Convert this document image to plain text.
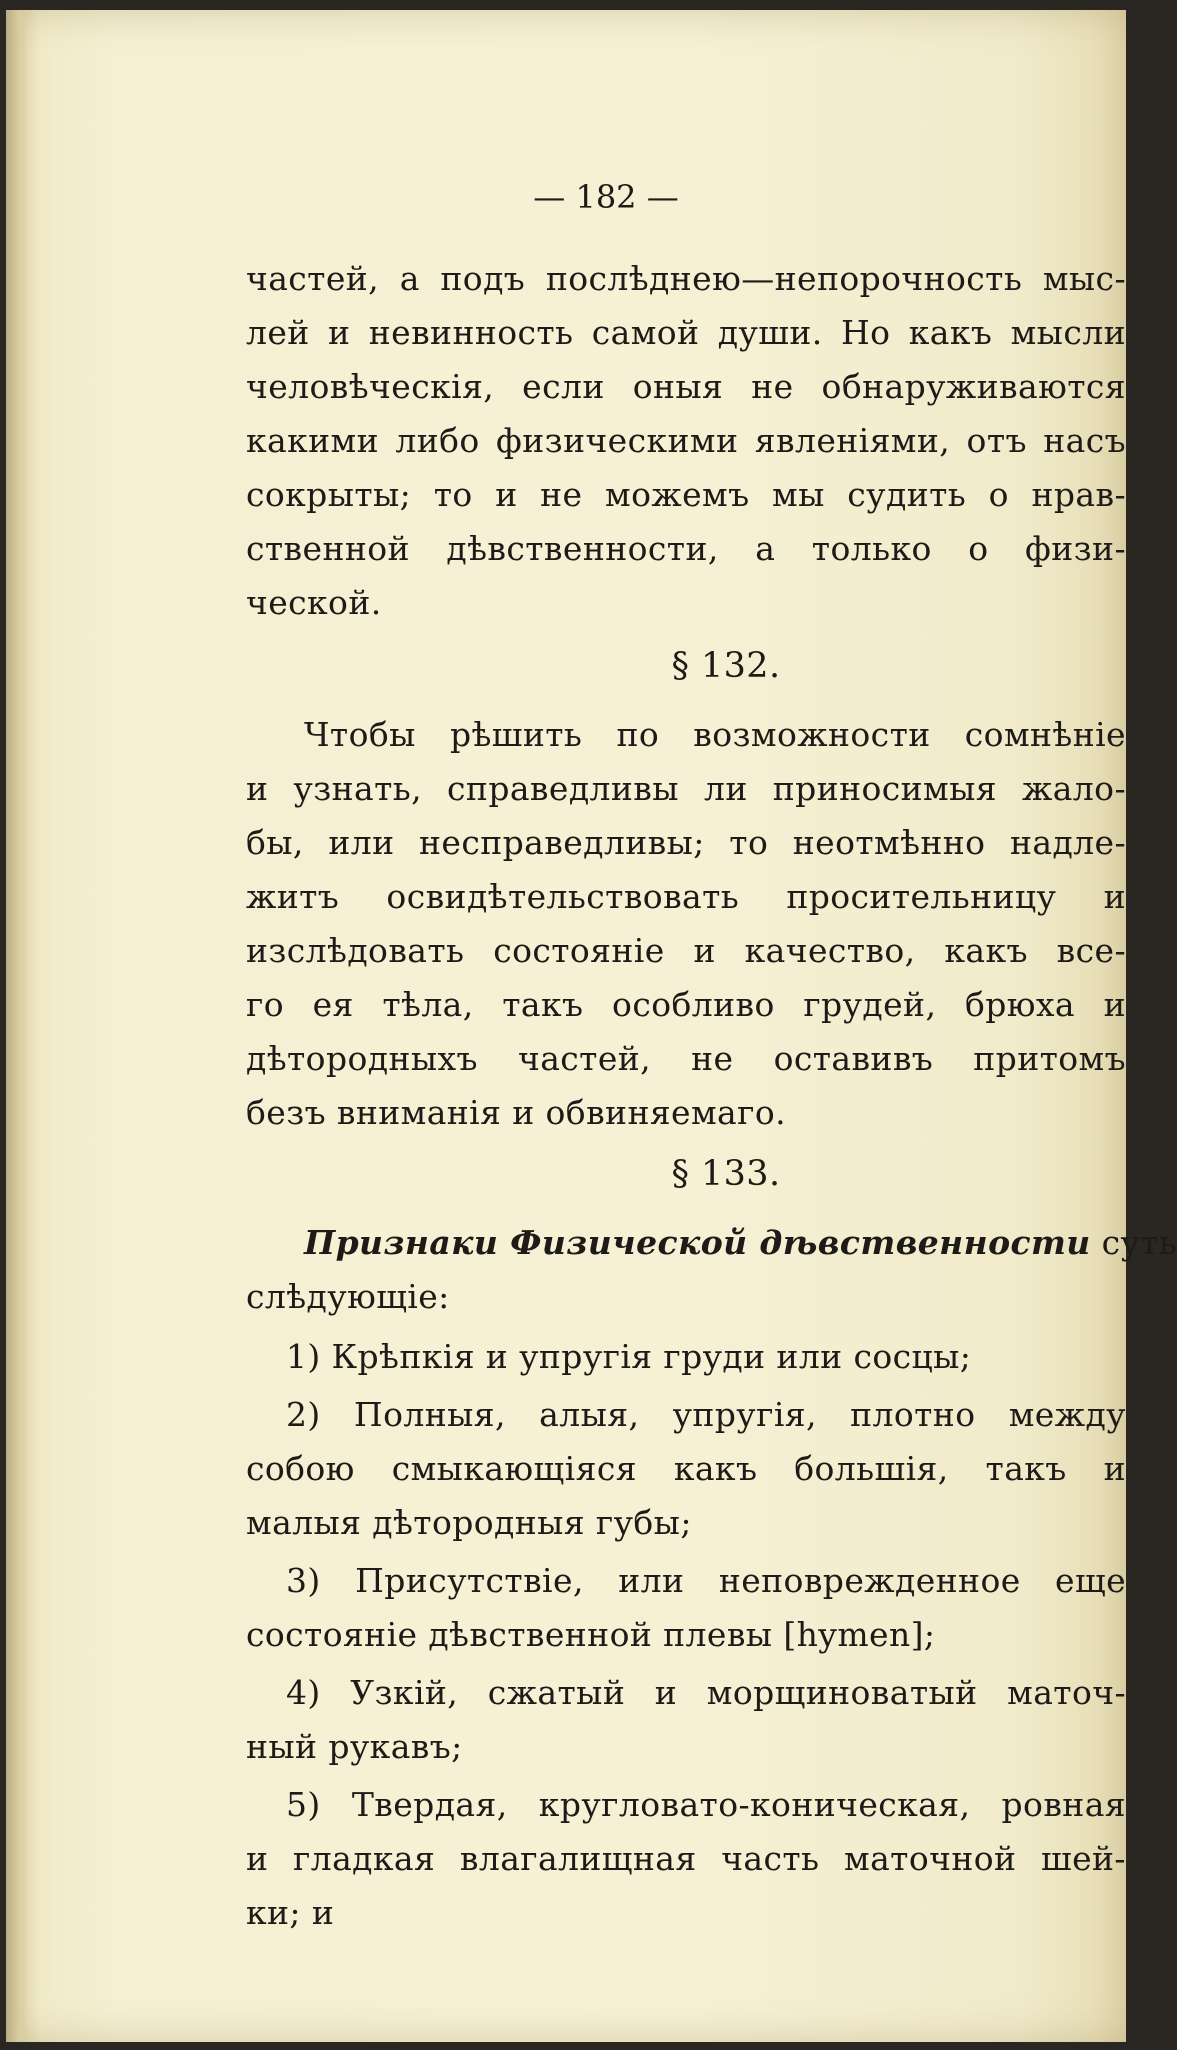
— 182 —
частей, а подъ послѣднею—непорочность мыс-
лей и невинность самой души. Но какъ мысли
человѣческія, если оныя не обнаруживаются
какими либо физическими явленіями, отъ насъ
сокрыты; то и не можемъ мы судить о нрав-
ственной дѣвственности, а только о физи-
ческой.
§ 132.
Чтобы рѣшить по возможности сомнѣніе
и узнать, справедливы ли приносимыя жало-
бы, или несправедливы; то неотмѣнно надле-
житъ освидѣтельствовать просительницу и
изслѣдовать состояніе и качество, какъ все-
го ея тѣла, такъ особливо грудей, брюха и
дѣтородныхъ частей, не оставивъ притомъ
безъ вниманія и обвиняемаго.
§ 133.
Признаки Физической дѣвственности суть
слѣдующіе:
1) Крѣпкія и упругія груди или сосцы;
2) Полныя, алыя, упругія, плотно между
собою смыкающіяся какъ большія, такъ и
малыя дѣтородныя губы;
3) Присутствіе, или неповрежденное еще
состояніе дѣвственной плевы [hymen];
4) Узкій, сжатый и морщиноватый маточ-
ный рукавъ;
5) Твердая, кругловато-коническая, ровная
и гладкая влагалищная часть маточной шей-
ки; и
